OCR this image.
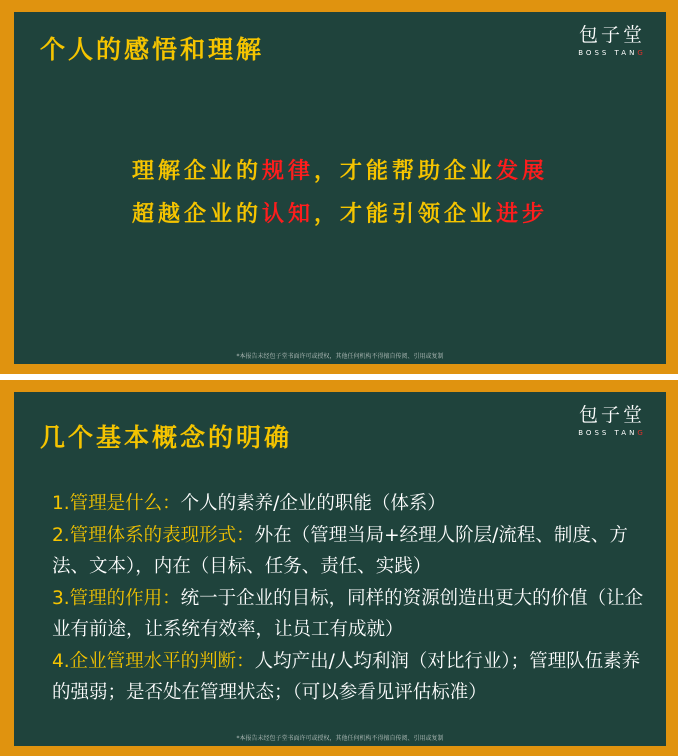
个人的感悟和理解	包子堂
BOSS TANG
理解企业的规律，才能帮助企业发展
超越企业的认知，才能引领企业进步
*本报告未经包子堂书面许可或授权，其他任何机构不得擅自传阅、引用或复制
几个基本概念的明确
包子堂
BOSS TANG
1.管理是什么：个人的素养/企业的职能（体系）
2.管理体系的表现形式：外在（管理当局+经理人阶层/流程、制度、方法、文本），内在（目标、任务、责任、实践）
3.管理的作用：统一于企业的目标，同样的资源创造出更大的价值（让企业有前途，让系统有效率，让员工有成就）
4.企业管理水平的判断：人均产出/人均利润（对比行业）；管理队伍素养的强弱；是否处在管理状态；（可以参看见评估标准）
*本报告未经包子堂书面许可或授权，其他任何机构不得擅自传阅、引用或复制
